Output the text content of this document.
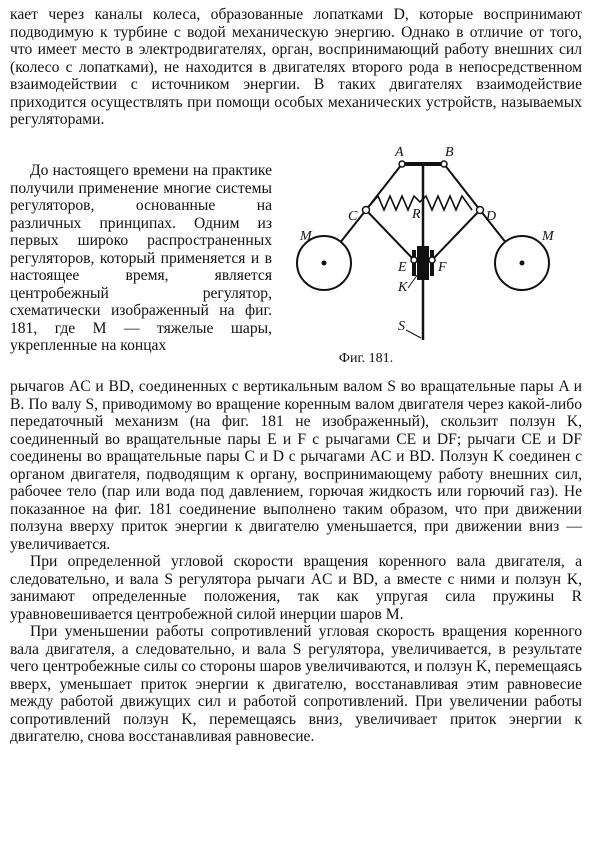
кает через каналы колеса, образованные лопатками D, которые воспринимают подводимую к турбине с водой механическую энергию. Однако в отличие от того, что имеет место в электродвигателях, орган, воспринимающий работу внешних сил (колесо с лопатками), не находится в двигателях второго рода в непосредственном взаимодействии с источником энергии. В таких двигателях взаимодействие приходится осуществлять при помощи особых механических устройств, называемых регуляторами.

До настоящего времени на практике получили применение многие системы регуляторов, основанные на различных принципах. Одним из первых широко распространенных регуляторов, который применяется и в настоящее время, является центробежный регулятор, схематически изображенный на фиг. 181, где M — тяжелые шары, укрепленные на концах

A	B
C	D
E F
K
R
M	M
S
Фиг. 181.

рычагов AC и BD, соединенных с вертикальным валом S во вращательные пары A и B. По валу S, приводимому во вращение коренным валом двигателя через какой-либо передаточный механизм (на фиг. 181 не изображенный), скользит ползун K, соединенный во вращательные пары E и F с рычагами CE и DF; рычаги CE и DF соединены во вращательные пары C и D с рычагами AC и BD. Ползун K соединен с органом двигателя, подводящим к органу, воспринимающему работу внешних сил, рабочее тело (пар или вода под давлением, горючая жидкость или горючий газ). Не показанное на фиг. 181 соединение выполнено таким образом, что при движении ползуна вверху приток энергии к двигателю уменьшается, при движении вниз — увеличивается.

При определенной угловой скорости вращения коренного вала двигателя, а следовательно, и вала S регулятора рычаги AC и BD, а вместе с ними и ползун K, занимают определенные положения, так как упругая сила пружины R уравновешивается центробежной силой инерции шаров M.

При уменьшении работы сопротивлений угловая скорость вращения коренного вала двигателя, а следовательно, и вала S регулятора, увеличивается, в результате чего центробежные силы со стороны шаров увеличиваются, и ползун K, перемещаясь вверх, уменьшает приток энергии к двигателю, восстанавливая этим равновесие между работой движущих сил и работой сопротивлений. При увеличении работы сопротивлений ползун K, перемещаясь вниз, увеличивает приток энергии к двигателю, снова восстанавливая равновесие.
